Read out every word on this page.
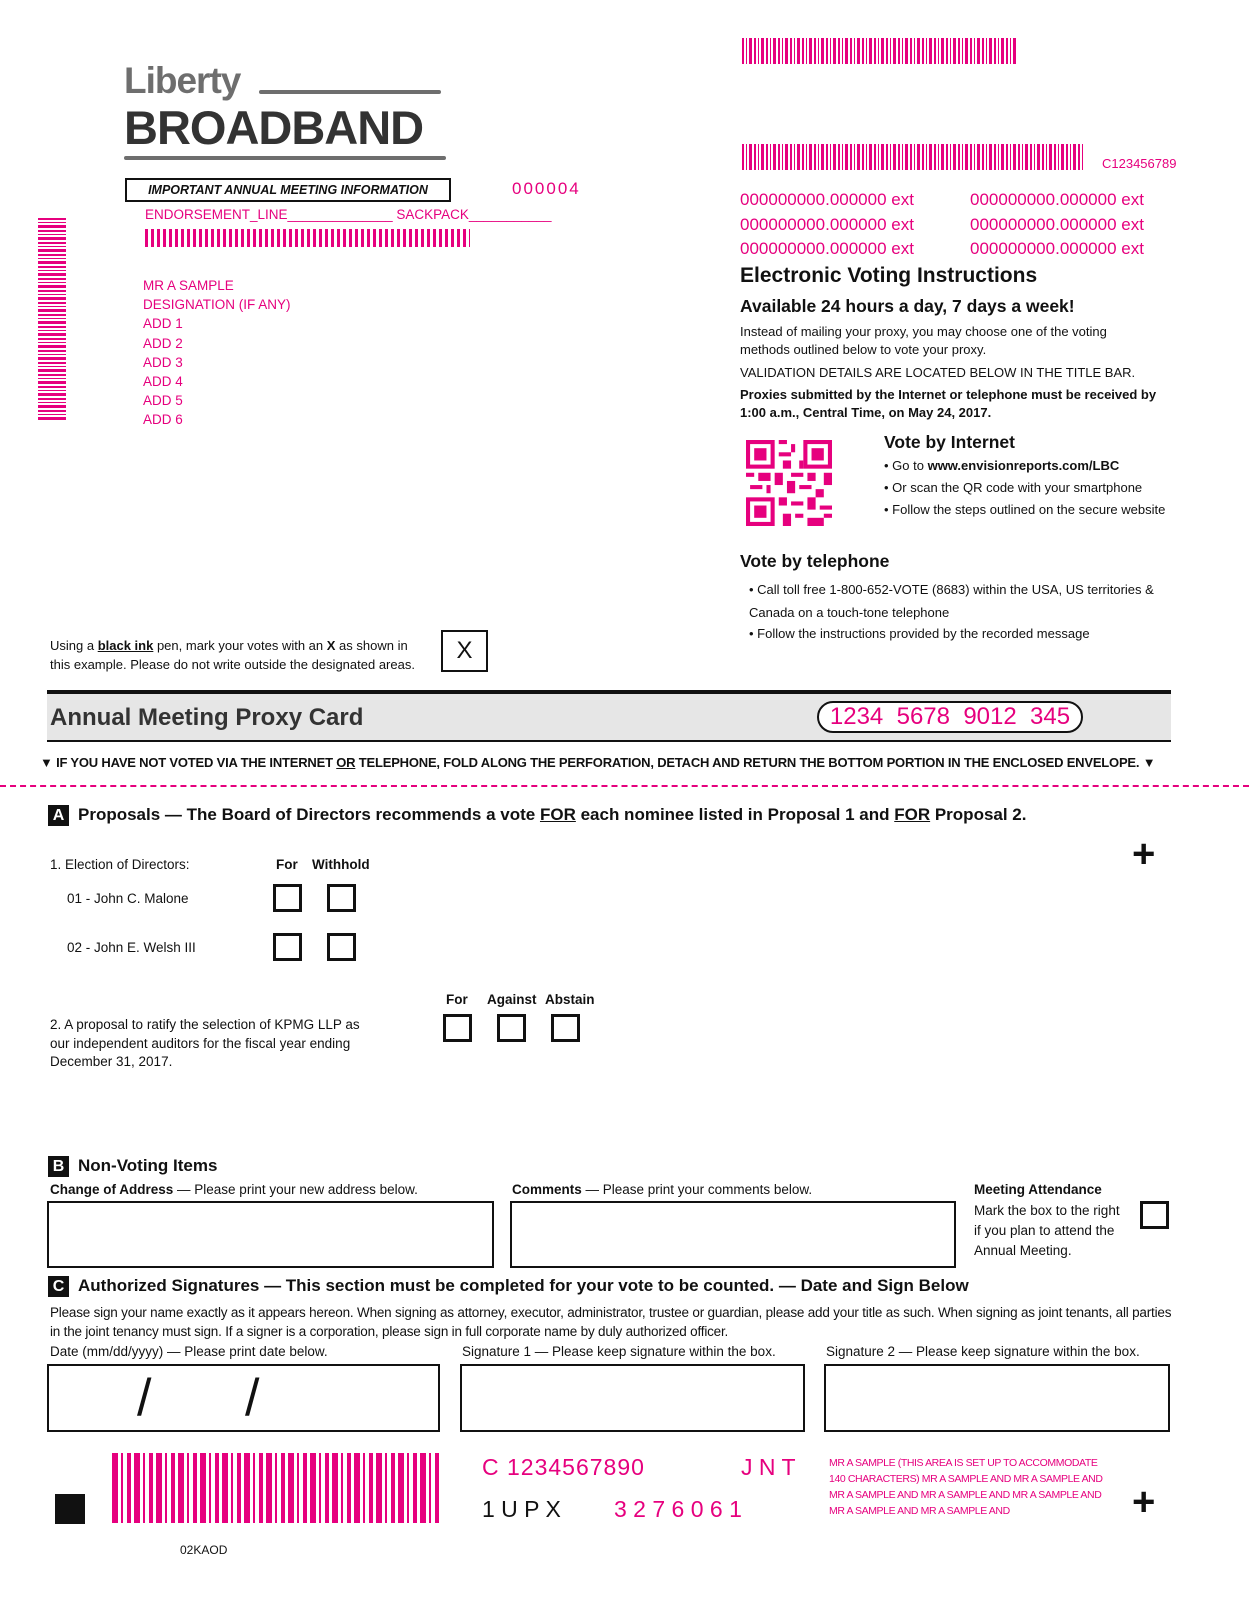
C123456789
Liberty
BROADBAND
IMPORTANT ANNUAL MEETING INFORMATION	000004
ENDORSEMENT_LINE______________ SACKPACK___________
MR A SAMPLE
DESIGNATION (IF ANY)
ADD 1
ADD 2
ADD 3
ADD 4
ADD 5
ADD 6
000000000.000000 ext	000000000.000000 ext
000000000.000000 ext	000000000.000000 ext
000000000.000000 ext	000000000.000000 ext
Electronic Voting Instructions
Available 24 hours a day, 7 days a week!
Instead of mailing your proxy, you may choose one of the voting methods outlined below to vote your proxy.
VALIDATION DETAILS ARE LOCATED BELOW IN THE TITLE BAR.
Proxies submitted by the Internet or telephone must be received by 1:00 a.m., Central Time, on May 24, 2017.
Vote by Internet
• Go to www.envisionreports.com/LBC
• Or scan the QR code with your smartphone
• Follow the steps outlined on the secure website
Vote by telephone
• Call toll free 1-800-652-VOTE (8683) within the USA, US territories & Canada on a touch-tone telephone
• Follow the instructions provided by the recorded message
Using a black ink pen, mark your votes with an X as shown in this example. Please do not write outside the designated areas.
X
Annual Meeting Proxy Card	1234  5678  9012  345
▼ IF YOU HAVE NOT VOTED VIA THE INTERNET OR TELEPHONE, FOLD ALONG THE PERFORATION, DETACH AND RETURN THE BOTTOM PORTION IN THE ENCLOSED ENVELOPE. ▼
A Proposals — The Board of Directors recommends a vote FOR each nominee listed in Proposal 1 and FOR Proposal 2.
+
1. Election of Directors:	For Withhold
01 - John C. Malone
02 - John E. Welsh III
For Against Abstain
2. A proposal to ratify the selection of KPMG LLP as our independent auditors for the fiscal year ending December 31, 2017.
B Non-Voting Items
Change of Address — Please print your new address below.	Comments — Please print your comments below.	Meeting Attendance
Mark the box to the right if you plan to attend the Annual Meeting.
C Authorized Signatures — This section must be completed for your vote to be counted. — Date and Sign Below
Please sign your name exactly as it appears hereon. When signing as attorney, executor, administrator, trustee or guardian, please add your title as such. When signing as joint tenants, all parties in the joint tenancy must sign. If a signer is a corporation, please sign in full corporate name by duly authorized officer.
Date (mm/dd/yyyy) — Please print date below.	Signature 1 — Please keep signature within the box.	Signature 2 — Please keep signature within the box.
/ /
02KAOD
C 1234567890	J N T
1 U P X 3 2 7 6 0 6 1
MR A SAMPLE (THIS AREA IS SET UP TO ACCOMMODATE 140 CHARACTERS) MR A SAMPLE AND MR A SAMPLE AND MR A SAMPLE AND MR A SAMPLE AND MR A SAMPLE AND MR A SAMPLE AND MR A SAMPLE AND	+
